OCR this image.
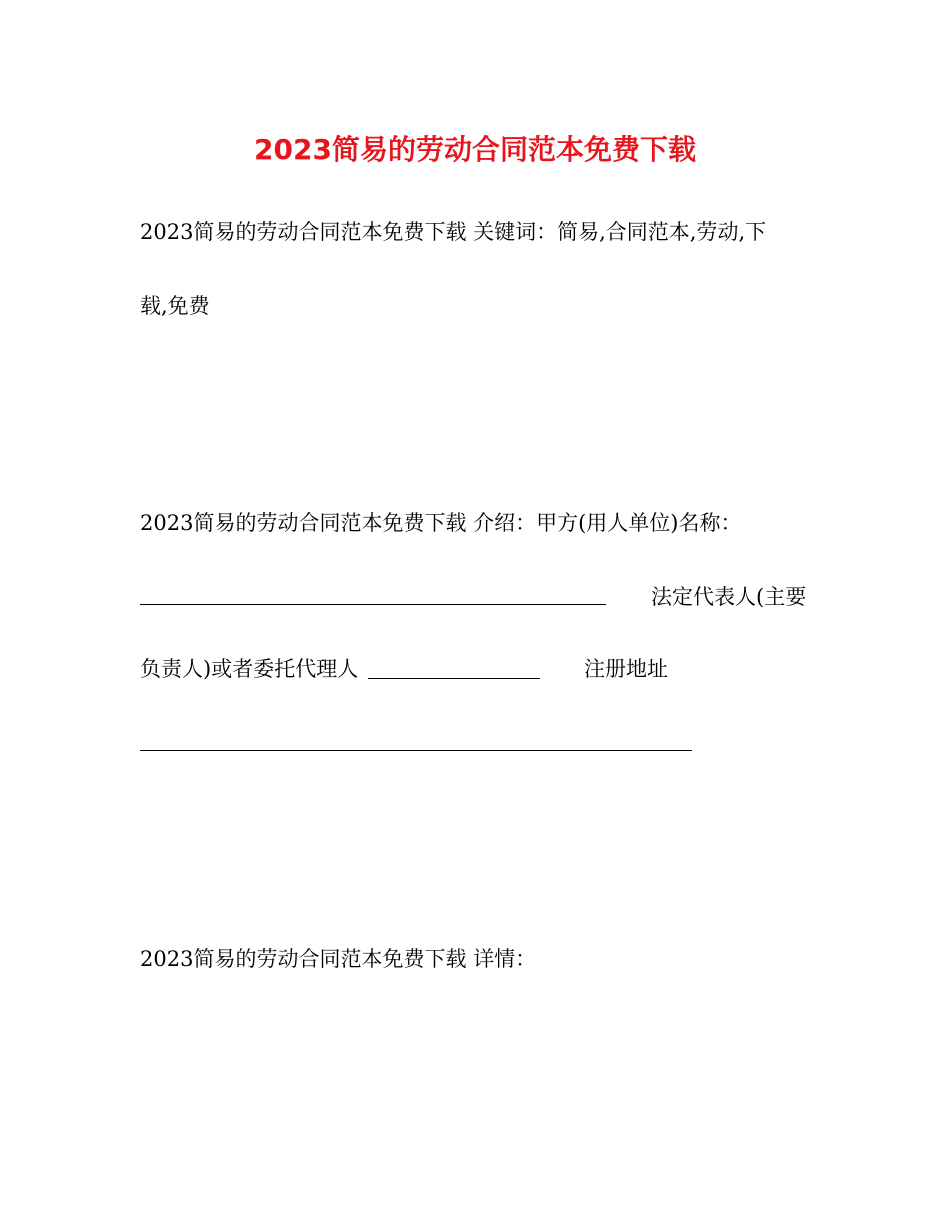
2023简易的劳动合同范本免费下载
2023简易的劳动合同范本免费下载 关键词：简易,合同范本,劳动,下
载,免费
2023简易的劳动合同范本免费下载 介绍：甲方(用人单位)名称：
法定代表人(主要
负责人)或者委托代理人	注册地址
2023简易的劳动合同范本免费下载 详情：
